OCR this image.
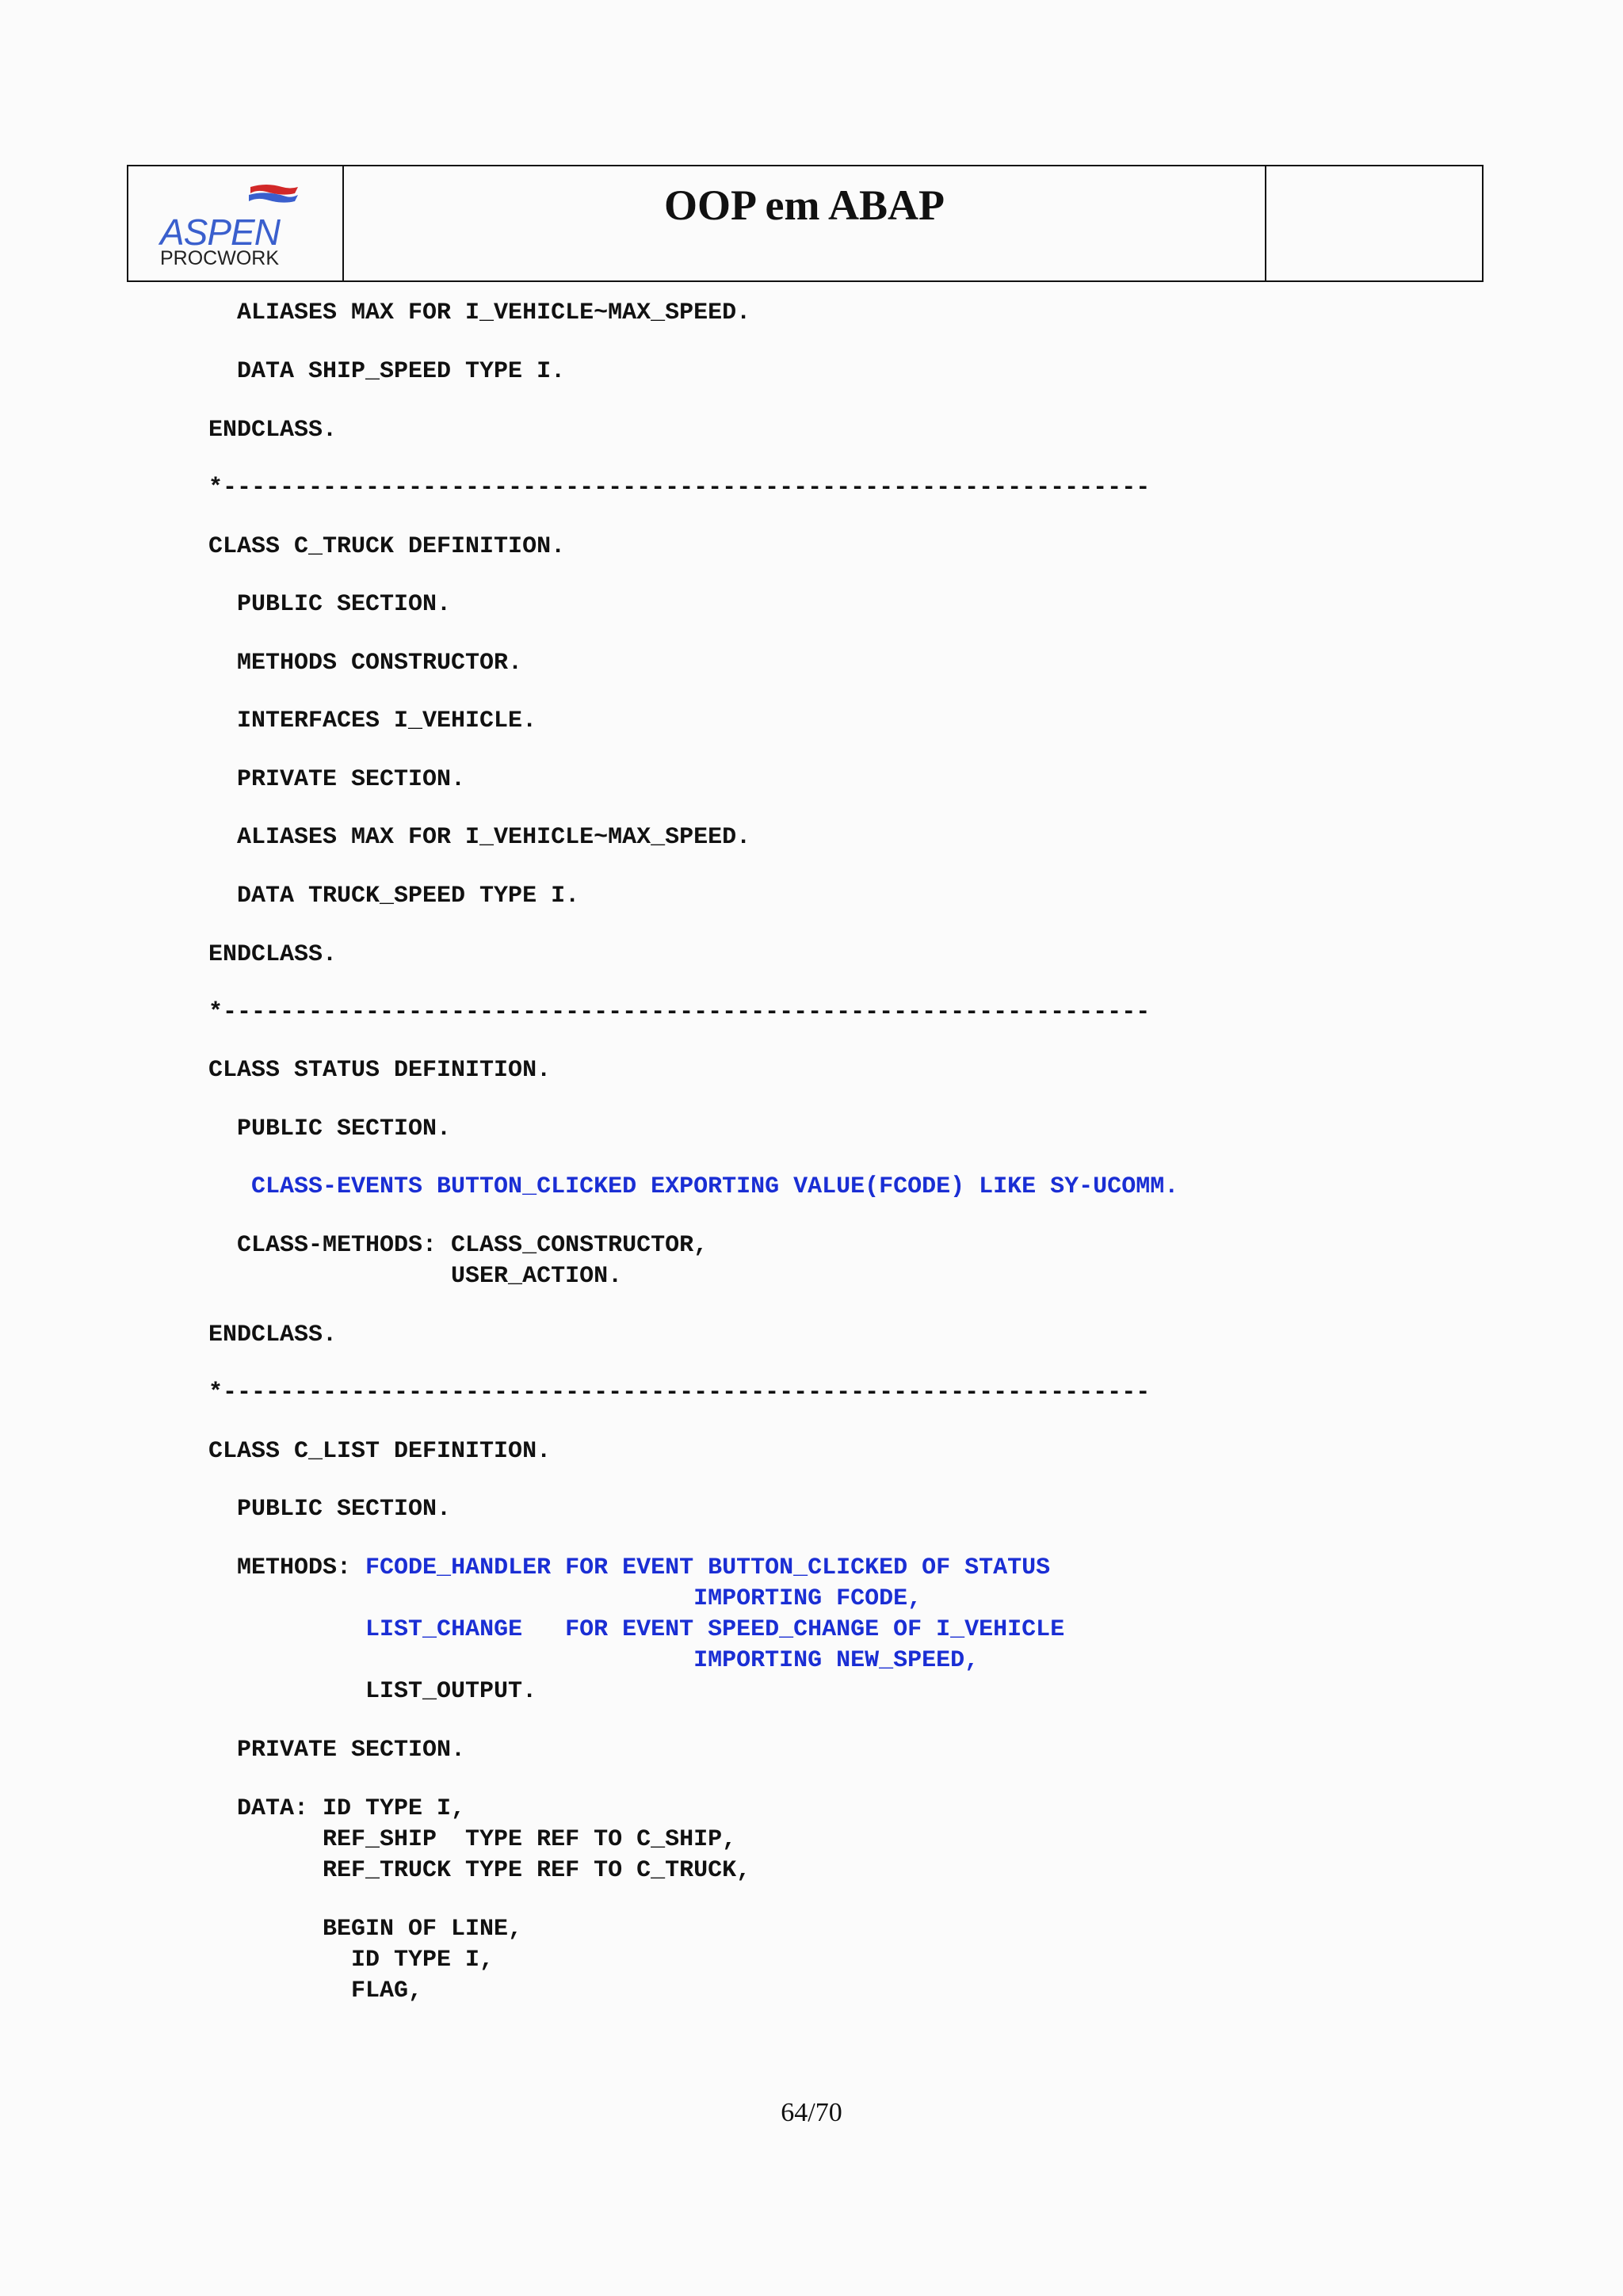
ASPEN
PROCWORK
OOP em ABAP
ALIASES MAX FOR I_VEHICLE~MAX_SPEED.
DATA SHIP_SPEED TYPE I.
ENDCLASS.
*-----------------------------------------------------------------
CLASS C_TRUCK DEFINITION.
PUBLIC SECTION.
METHODS CONSTRUCTOR.
INTERFACES I_VEHICLE.
PRIVATE SECTION.
ALIASES MAX FOR I_VEHICLE~MAX_SPEED.
DATA TRUCK_SPEED TYPE I.
ENDCLASS.
*-----------------------------------------------------------------
CLASS STATUS DEFINITION.
PUBLIC SECTION.
CLASS-EVENTS BUTTON_CLICKED EXPORTING VALUE(FCODE) LIKE SY-UCOMM.
CLASS-METHODS: CLASS_CONSTRUCTOR,
USER_ACTION.
ENDCLASS.
*-----------------------------------------------------------------
CLASS C_LIST DEFINITION.
PUBLIC SECTION.
METHODS: FCODE_HANDLER FOR EVENT BUTTON_CLICKED OF STATUS
IMPORTING FCODE,
LIST_CHANGE   FOR EVENT SPEED_CHANGE OF I_VEHICLE
IMPORTING NEW_SPEED,
LIST_OUTPUT.
PRIVATE SECTION.
DATA: ID TYPE I,
REF_SHIP  TYPE REF TO C_SHIP,
REF_TRUCK TYPE REF TO C_TRUCK,
BEGIN OF LINE,
ID TYPE I,
FLAG,
64/70
